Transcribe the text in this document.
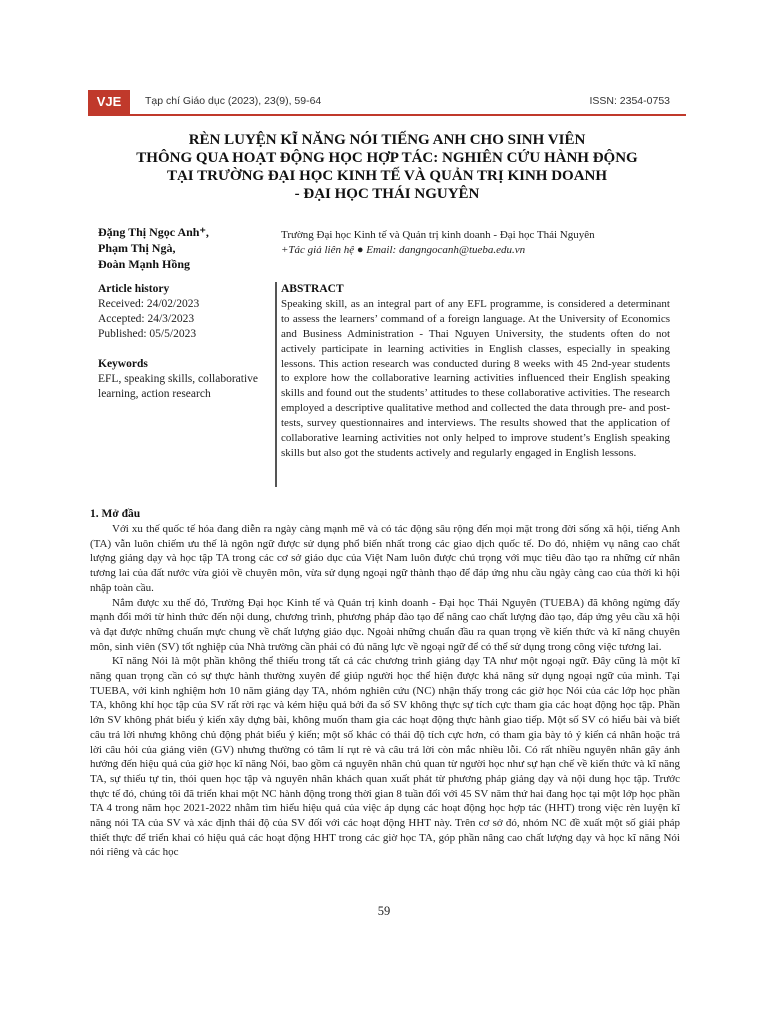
VJE	Tạp chí Giáo dục (2023), 23(9), 59-64	ISSN: 2354-0753
RÈN LUYỆN KĨ NĂNG NÓI TIẾNG ANH CHO SINH VIÊN
THÔNG QUA HOẠT ĐỘNG HỌC HỢP TÁC: NGHIÊN CỨU HÀNH ĐỘNG
TẠI TRƯỜNG ĐẠI HỌC KINH TẾ VÀ QUẢN TRỊ KINH DOANH
- ĐẠI HỌC THÁI NGUYÊN
Đặng Thị Ngọc Anh⁺,
Phạm Thị Ngà,
Đoàn Mạnh Hồng
Trường Đại học Kinh tế và Quản trị kinh doanh - Đại học Thái Nguyên
+Tác giả liên hệ ● Email: dangngocanh@tueba.edu.vn
Article history
Received: 24/02/2023
Accepted: 24/3/2023
Published: 05/5/2023
Keywords
EFL, speaking skills, collaborative learning, action research
ABSTRACT
Speaking skill, as an integral part of any EFL programme, is considered a determinant to assess the learners’ command of a foreign language. At the University of Economics and Business Administration - Thai Nguyen University, the students often do not actively participate in learning activities in English classes, especially in speaking lessons. This action research was conducted during 8 weeks with 45 2nd-year students to explore how the collaborative learning activities influenced their English speaking skills and found out the students’ attitudes to these collaborative activities. The research employed a descriptive qualitative method and collected the data through pre- and post-tests, survey questionnaires and interviews. The results showed that the application of collaborative learning activities not only helped to improve student’s English speaking skills but also got the students actively and regularly engaged in English lessons.
1. Mở đầu

Với xu thế quốc tế hóa đang diễn ra ngày càng mạnh mẽ và có tác động sâu rộng đến mọi mặt trong đời sống xã hội, tiếng Anh (TA) vẫn luôn chiếm ưu thế là ngôn ngữ được sử dụng phổ biến nhất trong các giao dịch quốc tế. Do đó, nhiệm vụ nâng cao chất lượng giảng dạy và học tập TA trong các cơ sở giáo dục của Việt Nam luôn được chú trọng với mục tiêu đào tạo ra những cử nhân tương lai của đất nước vừa giỏi về chuyên môn, vừa sử dụng ngoại ngữ thành thạo để đáp ứng nhu cầu ngày càng cao của thời kì hội nhập toàn cầu.

Nắm được xu thế đó, Trường Đại học Kinh tế và Quản trị kinh doanh - Đại học Thái Nguyên (TUEBA) đã không ngừng đẩy mạnh đổi mới từ hình thức đến nội dung, chương trình, phương pháp đào tạo để nâng cao chất lượng đào tạo, đáp ứng yêu cầu xã hội và đạt được những chuẩn mực chung về chất lượng giáo dục. Ngoài những chuẩn đầu ra quan trọng về kiến thức và kĩ năng chuyên môn, sinh viên (SV) tốt nghiệp của Nhà trường cần phải có đủ năng lực về ngoại ngữ để có thể sử dụng trong công việc tương lai.

Kĩ năng Nói là một phần không thể thiếu trong tất cả các chương trình giảng dạy TA như một ngoại ngữ. Đây cũng là một kĩ năng quan trọng cần có sự thực hành thường xuyên để giúp người học thể hiện được khả năng sử dụng ngoại ngữ của mình. Tại TUEBA, với kinh nghiệm hơn 10 năm giảng dạy TA, nhóm nghiên cứu (NC) nhận thấy trong các giờ học Nói của các lớp học phần TA, không khí học tập của SV rất rời rạc và kém hiệu quả bởi đa số SV không thực sự tích cực tham gia các hoạt động học tập. Phần lớn SV không phát biểu ý kiến xây dựng bài, không muốn tham gia các hoạt động thực hành giao tiếp. Một số SV có hiểu bài và biết câu trả lời nhưng không chủ động phát biểu ý kiến; một số khác có thái độ tích cực hơn, có tham gia bày tỏ ý kiến cá nhân hoặc trả lời câu hỏi của giảng viên (GV) nhưng thường có tâm lí rụt rè và câu trả lời còn mắc nhiều lỗi. Có rất nhiều nguyên nhân gây ảnh hưởng đến hiệu quả của giờ học kĩ năng Nói, bao gồm cả nguyên nhân chủ quan từ người học như sự hạn chế về kiến thức và kĩ năng TA, sự thiếu tự tin, thói quen học tập và nguyên nhân khách quan xuất phát từ phương pháp giảng dạy và nội dung học tập. Trước thực tế đó, chúng tôi đã triển khai một NC hành động trong thời gian 8 tuần đối với 45 SV năm thứ hai đang học tại một lớp học phần TA 4 trong năm học 2021-2022 nhằm tìm hiểu hiệu quả của việc áp dụng các hoạt động học hợp tác (HHT) trong việc rèn luyện kĩ năng nói TA của SV và xác định thái độ của SV đối với các hoạt động HHT này. Trên cơ sở đó, nhóm NC đề xuất một số giải pháp thiết thực để triển khai có hiệu quả các hoạt động HHT trong các giờ học TA, góp phần nâng cao chất lượng dạy và học kĩ năng Nói nói riêng và các học

59
